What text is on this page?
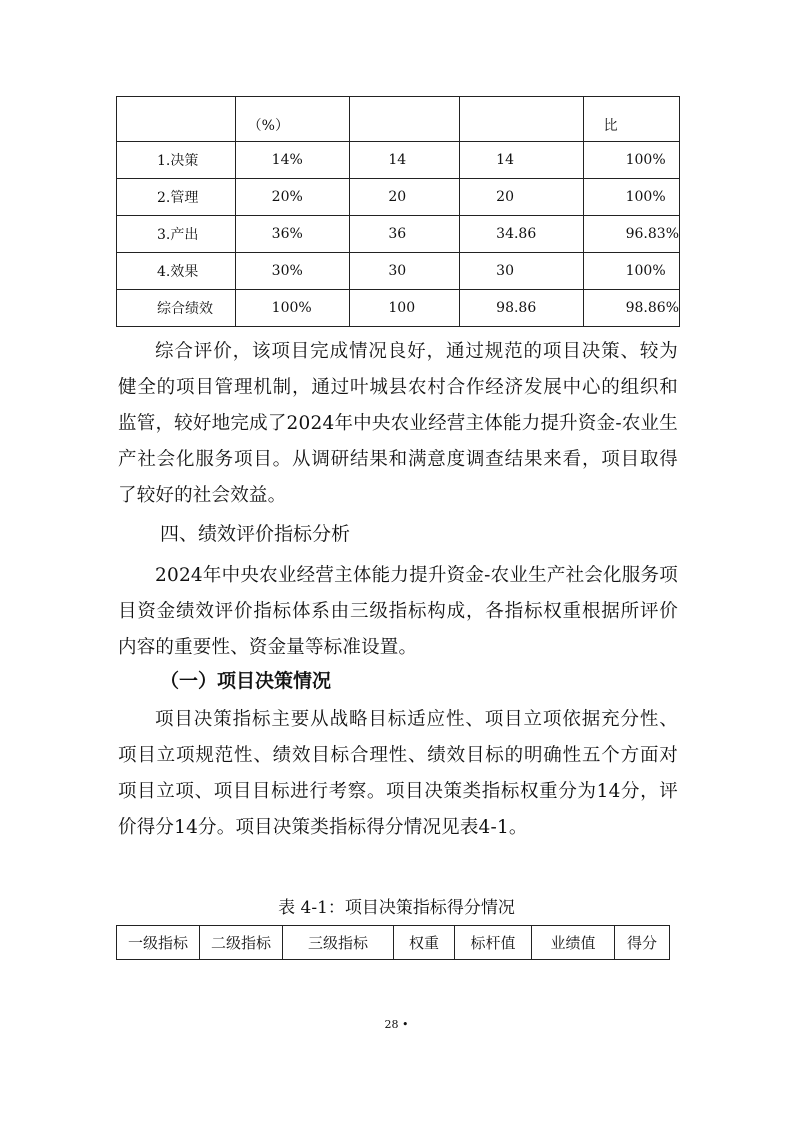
	（%）			比
1.决策	14%	14	14	100%
2.管理	20%	20	20	100%
3.产出	36%	36	34.86	96.83%
4.效果	30%	30	30	100%
综合绩效	100%	100	98.86	98.86%

综合评价，该项目完成情况良好，通过规范的项目决策、较为健全的项目管理机制，通过叶城县农村合作经济发展中心的组织和监管，较好地完成了2024年中央农业经营主体能力提升资金-农业生产社会化服务项目。从调研结果和满意度调查结果来看，项目取得了较好的社会效益。

四、绩效评价指标分析

2024年中央农业经营主体能力提升资金-农业生产社会化服务项目资金绩效评价指标体系由三级指标构成，各指标权重根据所评价内容的重要性、资金量等标准设置。

（一）项目决策情况

项目决策指标主要从战略目标适应性、项目立项依据充分性、 项目立项规范性、绩效目标合理性、绩效目标的明确性五个方面对项目立项、项目目标进行考察。项目决策类指标权重分为14分，评价得分14分。项目决策类指标得分情况见表4-1。

表 4-1：项目决策指标得分情况

一级指标	二级指标	三级指标	权重	标杆值	业绩值	得分
28 •
